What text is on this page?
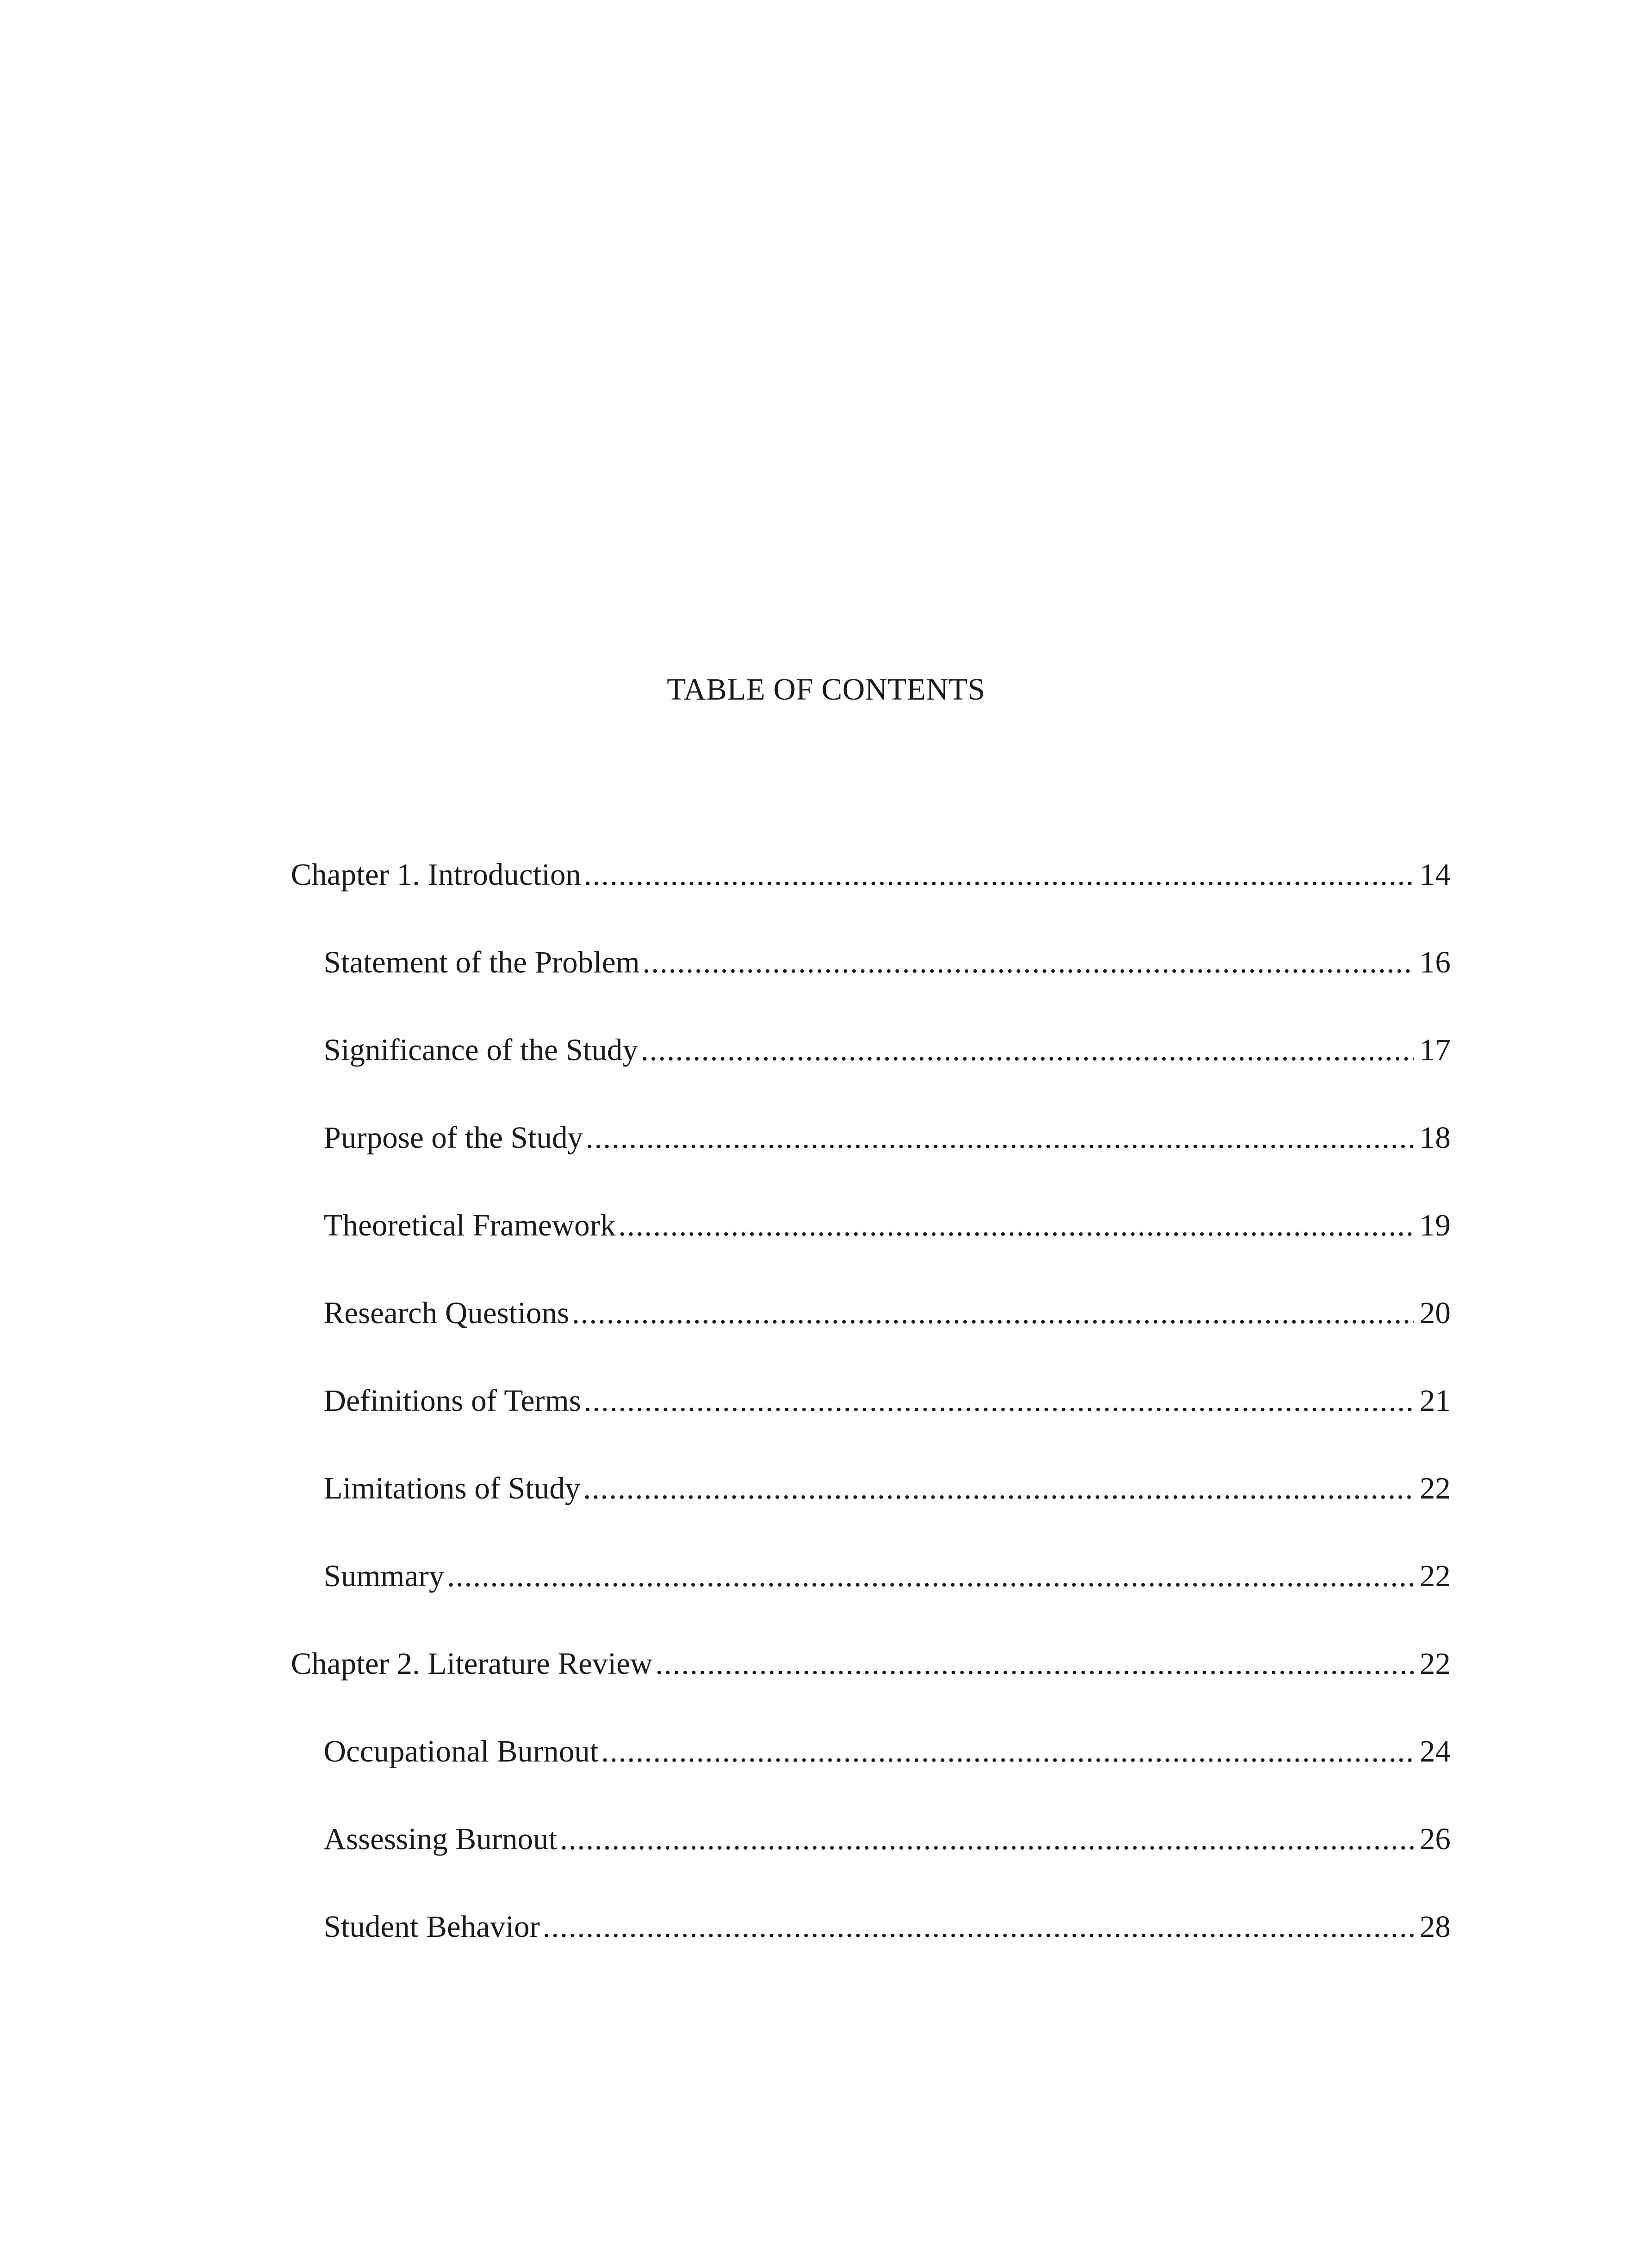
TABLE OF CONTENTS
Chapter 1. Introduction .....	14
Statement of the Problem .....	16
Significance of the Study .....	17
Purpose of the Study .....	18
Theoretical Framework .....	19
Research Questions .....	20
Definitions of Terms .....	21
Limitations of Study .....	22
Summary .....	22
Chapter 2. Literature Review .....	22
Occupational Burnout .....	24
Assessing Burnout .....	26
Student Behavior .....	28
